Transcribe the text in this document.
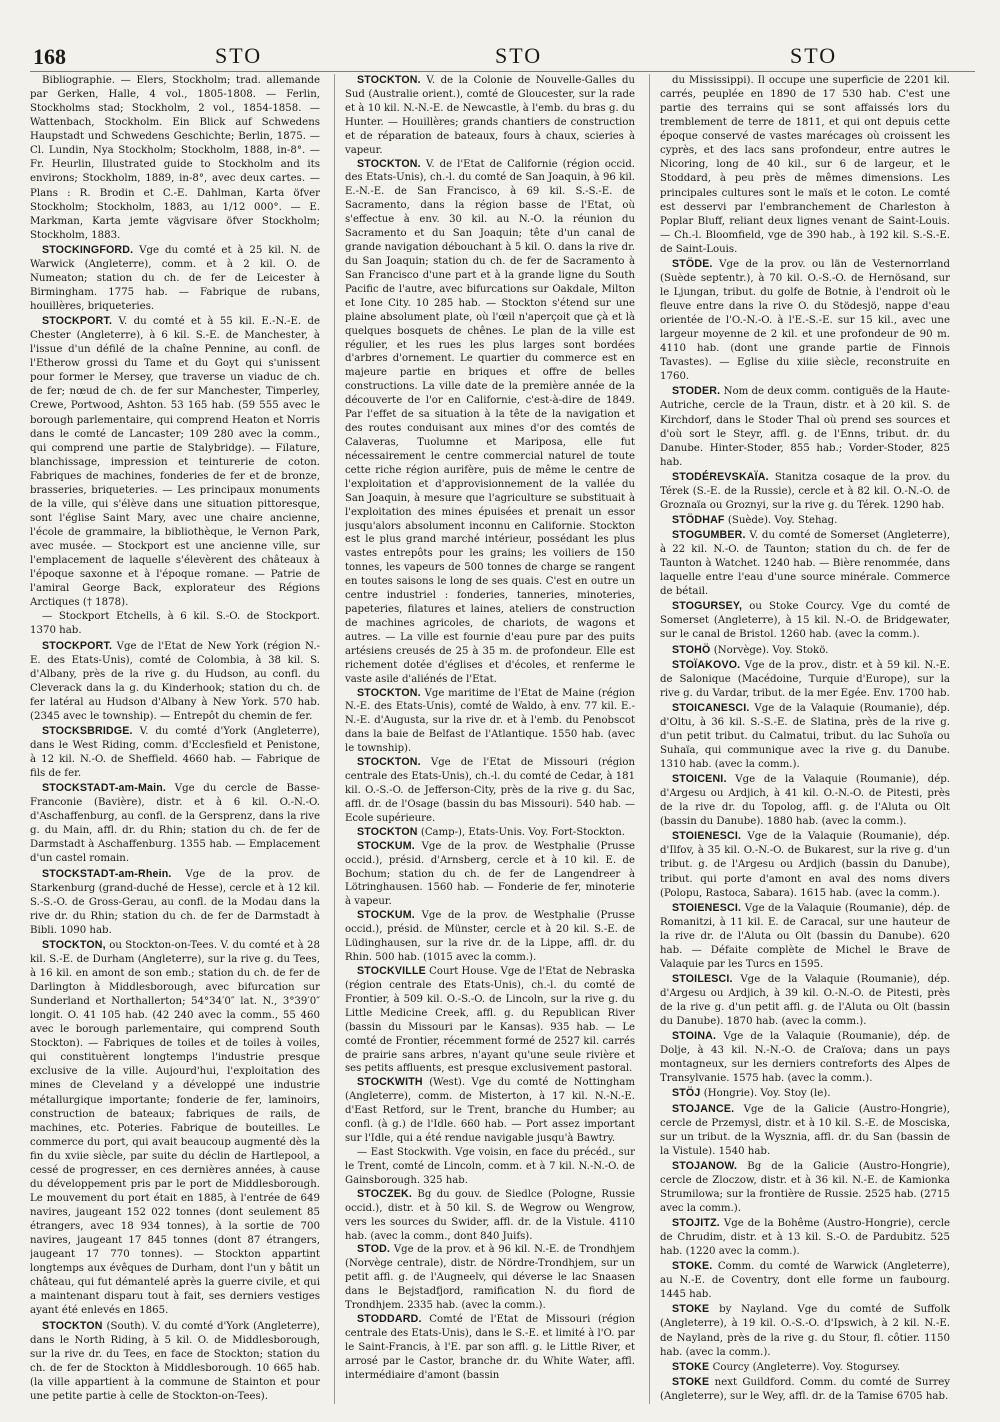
168	STO	STO	STO

Bibliographie. — Elers, Stockholm; trad. allemande par Gerken, Halle, 4 vol., 1805-1808. — Ferlin, Stockholms stad; Stockholm, 2 vol., 1854-1858. — Wattenbach, Stockholm. Ein Blick auf Schwedens Haupstadt und Schwedens Geschichte; Berlin, 1875. — Cl. Lundin, Nya Stockholm; Stockholm, 1888, in-8°. — Fr. Heurlin, Illustrated guide to Stockholm and its environs; Stockholm, 1889, in-8°, avec deux cartes. — Plans : R. Brodin et C.-E. Dahlman, Karta öfver Stockholm; Stockholm, 1883, au 1/12 000°. — E. Markman, Karta jemte vägvisare öfver Stockholm; Stockholm, 1883.

STOCKINGFORD. Vge du comté et à 25 kil. N. de Warwick (Angleterre), comm. et à 2 kil. O. de Numeaton; station du ch. de fer de Leicester à Birmingham. 1775 hab. — Fabrique de rubans, houillères, briqueteries.

STOCKPORT. V. du comté et à 55 kil. E.-N.-E. de Chester (Angleterre), à 6 kil. S.-E. de Manchester, à l'issue d'un défilé de la chaîne Pennine, au confl. de l'Etherow grossi du Tame et du Goyt qui s'unissent pour former le Mersey, que traverse un viaduc de ch. de fer; nœud de ch. de fer sur Manchester, Timperley, Crewe, Portwood, Ashton. 53 165 hab. (59 555 avec le borough parlementaire, qui comprend Heaton et Norris dans le comté de Lancaster; 109 280 avec la comm., qui comprend une partie de Stalybridge). — Filature, blanchissage, impression et teinturerie de coton. Fabriques de machines, fonderies de fer et de bronze, brasseries, briqueteries. — Les principaux monuments de la ville, qui s'élève dans une situation pittoresque, sont l'église Saint Mary, avec une chaire ancienne, l'école de grammaire, la bibliothèque, le Vernon Park, avec musée. — Stockport est une ancienne ville, sur l'emplacement de laquelle s'élevèrent des châteaux à l'époque saxonne et à l'époque romane. — Patrie de l'amiral George Back, explorateur des Régions Arctiques († 1878).

— Stockport Etchells, à 6 kil. S.-O. de Stockport. 1370 hab.

STOCKPORT. Vge de l'Etat de New York (région N.-E. des Etats-Unis), comté de Colombia, à 38 kil. S. d'Albany, près de la rive g. du Hudson, au confl. du Cleverack dans la g. du Kinderhook; station du ch. de fer latéral au Hudson d'Albany à New York. 570 hab. (2345 avec le township). — Entrepôt du chemin de fer.

STOCKSBRIDGE. V. du comté d'York (Angleterre), dans le West Riding, comm. d'Ecclesfield et Penistone, à 12 kil. N.-O. de Sheffield. 4660 hab. — Fabrique de fils de fer.

STOCKSTADT-am-Main. Vge du cercle de Basse-Franconie (Bavière), distr. et à 6 kil. O.-N.-O. d'Aschaffenburg, au confl. de la Gersprenz, dans la rive g. du Main, affl. dr. du Rhin; station du ch. de fer de Darmstadt à Aschaffenburg. 1355 hab. — Emplacement d'un castel romain.

STOCKSTADT-am-Rhein. Vge de la prov. de Starkenburg (grand-duché de Hesse), cercle et à 12 kil. S.-S.-O. de Gross-Gerau, au confl. de la Modau dans la rive dr. du Rhin; station du ch. de fer de Darmstadt à Bibli. 1090 hab.

STOCKTON, ou Stockton-on-Tees. V. du comté et à 28 kil. S.-E. de Durham (Angleterre), sur la rive g. du Tees, à 16 kil. en amont de son emb.; station du ch. de fer de Darlington à Middlesborough, avec bifurcation sur Sunderland et Northallerton; 54°34′0″ lat. N., 3°39′0″ longit. O. 41 105 hab. (42 240 avec la comm., 55 460 avec le borough parlementaire, qui comprend South Stockton). — Fabriques de toiles et de toiles à voiles, qui constituèrent longtemps l'industrie presque exclusive de la ville. Aujourd'hui, l'exploitation des mines de Cleveland y a développé une industrie métallurgique importante; fonderie de fer, laminoirs, construction de bateaux; fabriques de rails, de machines, etc. Poteries. Fabrique de bouteilles. Le commerce du port, qui avait beaucoup augmenté dès la fin du xviie siècle, par suite du déclin de Hartlepool, a cessé de progresser, en ces dernières années, à cause du développement pris par le port de Middlesborough. Le mouvement du port était en 1885, à l'entrée de 649 navires, jaugeant 152 022 tonnes (dont seulement 85 étrangers, avec 18 934 tonnes), à la sortie de 700 navires, jaugeant 17 845 tonnes (dont 87 étrangers, jaugeant 17 770 tonnes). — Stockton appartint longtemps aux évêques de Durham, dont l'un y bâtit un château, qui fut démantelé après la guerre civile, et qui a maintenant disparu tout à fait, ses derniers vestiges ayant été enlevés en 1865.

STOCKTON (South). V. du comté d'York (Angleterre), dans le North Riding, à 5 kil. O. de Middlesborough, sur la rive dr. du Tees, en face de Stockton; station du ch. de fer de Stockton à Middlesborough. 10 665 hab. (la ville appartient à la commune de Stainton et pour une petite partie à celle de Stockton-on-Tees).

STOCKTON. V. de la Colonie de Nouvelle-Galles du Sud (Australie orient.), comté de Gloucester, sur la rade et à 10 kil. N.-N.-E. de Newcastle, à l'emb. du bras g. du Hunter. — Houillères; grands chantiers de construction et de réparation de bateaux, fours à chaux, scieries à vapeur.

STOCKTON. V. de l'Etat de Californie (région occid. des Etats-Unis), ch.-l. du comté de San Joaquin, à 96 kil. E.-N.-E. de San Francisco, à 69 kil. S.-S.-E. de Sacramento, dans la région basse de l'Etat, où s'effectue à env. 30 kil. au N.-O. la réunion du Sacramento et du San Joaquin; tête d'un canal de grande navigation débouchant à 5 kil. O. dans la rive dr. du San Joaquin; station du ch. de fer de Sacramento à San Francisco d'une part et à la grande ligne du South Pacific de l'autre, avec bifurcations sur Oakdale, Milton et Ione City. 10 285 hab. — Stockton s'étend sur une plaine absolument plate, où l'œil n'aperçoit que çà et là quelques bosquets de chênes. Le plan de la ville est régulier, et les rues les plus larges sont bordées d'arbres d'ornement. Le quartier du commerce est en majeure partie en briques et offre de belles constructions. La ville date de la première année de la découverte de l'or en Californie, c'est-à-dire de 1849. Par l'effet de sa situation à la tête de la navigation et des routes conduisant aux mines d'or des comtés de Calaveras, Tuolumne et Mariposa, elle fut nécessairement le centre commercial naturel de toute cette riche région aurifère, puis de même le centre de l'exploitation et d'approvisionnement de la vallée du San Joaquin, à mesure que l'agriculture se substituait à l'exploitation des mines épuisées et prenait un essor jusqu'alors absolument inconnu en Californie. Stockton est le plus grand marché intérieur, possédant les plus vastes entrepôts pour les grains; les voiliers de 150 tonnes, les vapeurs de 500 tonnes de charge se rangent en toutes saisons le long de ses quais. C'est en outre un centre industriel : fonderies, tanneries, minoteries, papeteries, filatures et laines, ateliers de construction de machines agricoles, de chariots, de wagons et autres. — La ville est fournie d'eau pure par des puits artésiens creusés de 25 à 35 m. de profondeur. Elle est richement dotée d'églises et d'écoles, et renferme le vaste asile d'aliénés de l'Etat.

STOCKTON. Vge maritime de l'Etat de Maine (région N.-E. des Etats-Unis), comté de Waldo, à env. 77 kil. E.-N.-E. d'Augusta, sur la rive dr. et à l'emb. du Penobscot dans la baie de Belfast de l'Atlantique. 1550 hab. (avec le township).

STOCKTON. Vge de l'Etat de Missouri (région centrale des Etats-Unis), ch.-l. du comté de Cedar, à 181 kil. O.-S.-O. de Jefferson-City, près de la rive g. du Sac, affl. dr. de l'Osage (bassin du bas Missouri). 540 hab. — Ecole supérieure.

STOCKTON (Camp-), Etats-Unis. Voy. Fort-Stockton.

STOCKUM. Vge de la prov. de Westphalie (Prusse occid.), présid. d'Arnsberg, cercle et à 10 kil. E. de Bochum; station du ch. de fer de Langendreer à Lötringhausen. 1560 hab. — Fonderie de fer, minoterie à vapeur.

STOCKUM. Vge de la prov. de Westphalie (Prusse occid.), présid. de Münster, cercle et à 20 kil. S.-E. de Lüdinghausen, sur la rive dr. de la Lippe, affl. dr. du Rhin. 500 hab. (1015 avec la comm.).

STOCKVILLE Court House. Vge de l'Etat de Nebraska (région centrale des Etats-Unis), ch.-l. du comté de Frontier, à 509 kil. O.-S.-O. de Lincoln, sur la rive g. du Little Medicine Creek, affl. g. du Republican River (bassin du Missouri par le Kansas). 935 hab. — Le comté de Frontier, récemment formé de 2527 kil. carrés de prairie sans arbres, n'ayant qu'une seule rivière et ses petits affluents, est presque exclusivement pastoral.

STOCKWITH (West). Vge du comté de Nottingham (Angleterre), comm. de Misterton, à 17 kil. N.-N.-E. d'East Retford, sur le Trent, branche du Humber; au confl. (à g.) de l'Idle. 660 hab. — Port assez important sur l'Idle, qui a été rendue navigable jusqu'à Bawtry.

— East Stockwith. Vge voisin, en face du précéd., sur le Trent, comté de Lincoln, comm. et à 7 kil. N.-N.-O. de Gainsborough. 325 hab.

STOCZEK. Bg du gouv. de Siedlce (Pologne, Russie occid.), distr. et à 50 kil. S. de Wegrow ou Wengrow, vers les sources du Swider, affl. dr. de la Vistule. 4110 hab. (avec la comm., dont 840 Juifs).

STOD. Vge de la prov. et à 96 kil. N.-E. de Trondhjem (Norvège centrale), distr. de Nördre-Trondhjem, sur un petit affl. g. de l'Augneelv, qui déverse le lac Snaasen dans le Bejstadfjord, ramification N. du fiord de Trondhjem. 2335 hab. (avec la comm.).

STODDARD. Comté de l'Etat de Missouri (région centrale des Etats-Unis), dans le S.-E. et limité à l'O. par le Saint-Francis, à l'E. par son affl. g. le Little River, et arrosé par le Castor, branche dr. du White Water, affl. intermédiaire d'amont (bassin

du Mississippi). Il occupe une superficie de 2201 kil. carrés, peuplée en 1890 de 17 530 hab. C'est une partie des terrains qui se sont affaissés lors du tremblement de terre de 1811, et qui ont depuis cette époque conservé de vastes marécages où croissent les cyprès, et des lacs sans profondeur, entre autres le Nicoring, long de 40 kil., sur 6 de largeur, et le Stoddard, à peu près de mêmes dimensions. Les principales cultures sont le maïs et le coton. Le comté est desservi par l'embranchement de Charleston à Poplar Bluff, reliant deux lignes venant de Saint-Louis. — Ch.-l. Bloomfield, vge de 390 hab., à 192 kil. S.-S.-E. de Saint-Louis.

STÖDE. Vge de la prov. ou län de Vesternorrland (Suède septentr.), à 70 kil. O.-S.-O. de Hernösand, sur le Ljungan, tribut. du golfe de Botnie, à l'endroit où le fleuve entre dans la rive O. du Stödesjö, nappe d'eau orientée de l'O.-N.-O. à l'E.-S.-E. sur 15 kil., avec une largeur moyenne de 2 kil. et une profondeur de 90 m. 4110 hab. (dont une grande partie de Finnois Tavastes). — Eglise du xiiie siècle, reconstruite en 1760.

STODER. Nom de deux comm. contiguës de la Haute-Autriche, cercle de la Traun, distr. et à 20 kil. S. de Kirchdorf, dans le Stoder Thal où prend ses sources et d'où sort le Steyr, affl. g. de l'Enns, tribut. dr. du Danube. Hinter-Stoder, 855 hab.; Vorder-Stoder, 825 hab.

STODÉREVSKAÏA. Stanitza cosaque de la prov. du Térek (S.-E. de la Russie), cercle et à 82 kil. O.-N.-O. de Groznaïa ou Groznyi, sur la rive g. du Térek. 1290 hab.

STÖDHAF (Suède). Voy. Stehag.

STOGUMBER. V. du comté de Somerset (Angleterre), à 22 kil. N.-O. de Taunton; station du ch. de fer de Taunton à Watchet. 1240 hab. — Bière renommée, dans laquelle entre l'eau d'une source minérale. Commerce de bétail.

STOGURSEY, ou Stoke Courcy. Vge du comté de Somerset (Angleterre), à 15 kil. N.-O. de Bridgewater, sur le canal de Bristol. 1260 hab. (avec la comm.).

STOHÖ (Norvège). Voy. Stokö.

STOÏAKOVO. Vge de la prov., distr. et à 59 kil. N.-E. de Salonique (Macédoine, Turquie d'Europe), sur la rive g. du Vardar, tribut. de la mer Egée. Env. 1700 hab.

STOICANESCI. Vge de la Valaquie (Roumanie), dép. d'Oltu, à 36 kil. S.-S.-E. de Slatina, près de la rive g. d'un petit tribut. du Calmatui, tribut. du lac Suhoïa ou Suhaïa, qui communique avec la rive g. du Danube. 1310 hab. (avec la comm.).

STOICENI. Vge de la Valaquie (Roumanie), dép. d'Argesu ou Ardjich, à 41 kil. O.-N.-O. de Pitesti, près de la rive dr. du Topolog, affl. g. de l'Aluta ou Olt (bassin du Danube). 1880 hab. (avec la comm.).

STOIENESCI. Vge de la Valaquie (Roumanie), dép. d'Ilfov, à 35 kil. O.-N.-O. de Bukarest, sur la rive g. d'un tribut. g. de l'Argesu ou Ardjich (bassin du Danube), tribut. qui porte d'amont en aval des noms divers (Polopu, Rastoca, Sabara). 1615 hab. (avec la comm.).

STOIENESCI. Vge de la Valaquie (Roumanie), dép. de Romanitzi, à 11 kil. E. de Caracal, sur une hauteur de la rive dr. de l'Aluta ou Olt (bassin du Danube). 620 hab. — Défaite complète de Michel le Brave de Valaquie par les Turcs en 1595.

STOILESCI. Vge de la Valaquie (Roumanie), dép. d'Argesu ou Ardjich, à 39 kil. O.-N.-O. de Pitesti, près de la rive g. d'un petit affl. g. de l'Aluta ou Olt (bassin du Danube). 1870 hab. (avec la comm.).

STOINA. Vge de la Valaquie (Roumanie), dép. de Dolje, à 43 kil. N.-N.-O. de Craïova; dans un pays montagneux, sur les derniers contreforts des Alpes de Transylvanie. 1575 hab. (avec la comm.).

STÖJ (Hongrie). Voy. Stoy (le).

STOJANCE. Vge de la Galicie (Austro-Hongrie), cercle de Przemysl, distr. et à 10 kil. S.-E. de Mosciska, sur un tribut. de la Wysznia, affl. dr. du San (bassin de la Vistule). 1540 hab.

STOJANOW. Bg de la Galicie (Austro-Hongrie), cercle de Zloczow, distr. et à 36 kil. N.-E. de Kamionka Strumilowa; sur la frontière de Russie. 2525 hab. (2715 avec la comm.).

STOJITZ. Vge de la Bohême (Austro-Hongrie), cercle de Chrudim, distr. et à 13 kil. S.-O. de Pardubitz. 525 hab. (1220 avec la comm.).

STOKE. Comm. du comté de Warwick (Angleterre), au N.-E. de Coventry, dont elle forme un faubourg. 1445 hab.

STOKE by Nayland. Vge du comté de Suffolk (Angleterre), à 19 kil. O.-S.-O. d'Ipswich, à 2 kil. N.-E. de Nayland, près de la rive g. du Stour, fl. côtier. 1150 hab. (avec la comm.).

STOKE Courcy (Angleterre). Voy. Stogursey.

STOKE next Guildford. Comm. du comté de Surrey (Angleterre), sur le Wey, affl. dr. de la Tamise 6705 hab.
